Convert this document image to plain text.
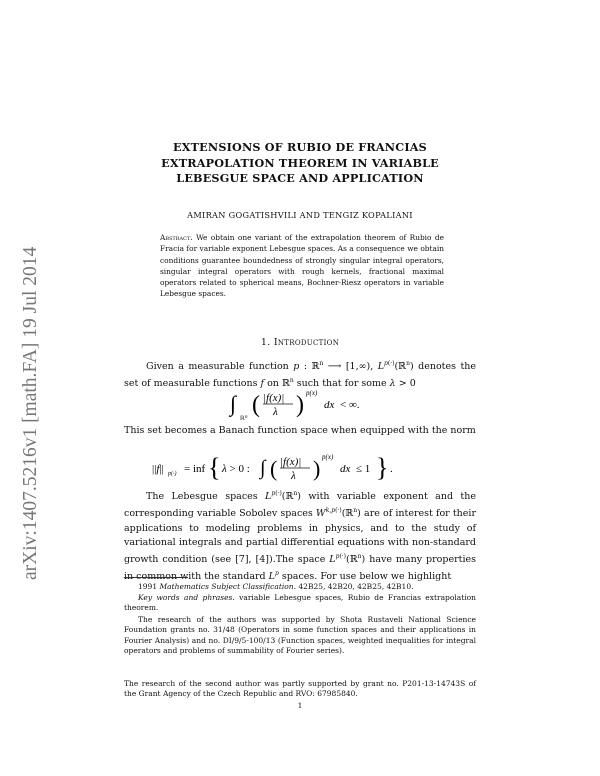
arXiv:1407.5216v1 [math.FA] 19 Jul 2014
EXTENSIONS OF RUBIO DE FRANCIAS
EXTRAPOLATION THEOREM IN VARIABLE
LEBESGUE SPACE AND APPLICATION
AMIRAN GOGATISHVILI AND TENGIZ KOPALIANI
Abstract. We obtain one variant of the extrapolation theorem of Rubio de Fracia for variable exponent Lebesgue spaces. As a consequence we obtain conditions guarantee boundedness of strongly singular integral operators, singular integral operators with rough kernels, fractional maximal operators related to spherical means, Bochner-Riesz operators in variable Lebesgue spaces.
1. Introduction
Given a measurable function p : ℝ$^n$ ⟶ [1,∞), $L^{p(\cdot)}(ℝ^n)$ denotes the set of measurable functions f on ℝ$^n$ such that for some λ > 0
∫
ℝ n ( |f(x)|
λ ) p(x)
dx < ∞.
This set becomes a Banach function space when equipped with the norm
||f|| p(·) = inf { λ > 0 : ∫ ( |f(x)|
λ ) p(x)
dx ≤ 1 } .
The Lebesgue spaces $L^{p(\cdot)}(ℝ^n)$ with variable exponent and the corresponding variable Sobolev spaces $W^{k,p(\cdot)}(ℝ^n)$ are of interest for their applications to modeling problems in physics, and to the study of variational integrals and partial differential equations with non-standard growth condition (see [7], [4]).The space $L^{p(\cdot)}(ℝ^n)$ have many properties in common with the standard $L^p$ spaces. For use below we highlight
1991 Mathematics Subject Classification. 42B25, 42B20, 42B25, 42B10.
Key words and phrases. variable Lebesgue spaces, Rubio de Francias extrapolation theorem.
The research of the authors was supported by Shota Rustaveli National Science Foundation grants no. 31/48 (Operators in some function spaces and their applications in Fourier Analysis) and no. DI/9/5-100/13 (Function spaces, weighted inequalities for integral operators and problems of summability of Fourier series).
The research of the second author was partly supported by grant no. P201-13-14743S of the Grant Agency of the Czech Republic and RVO: 67985840.
1
